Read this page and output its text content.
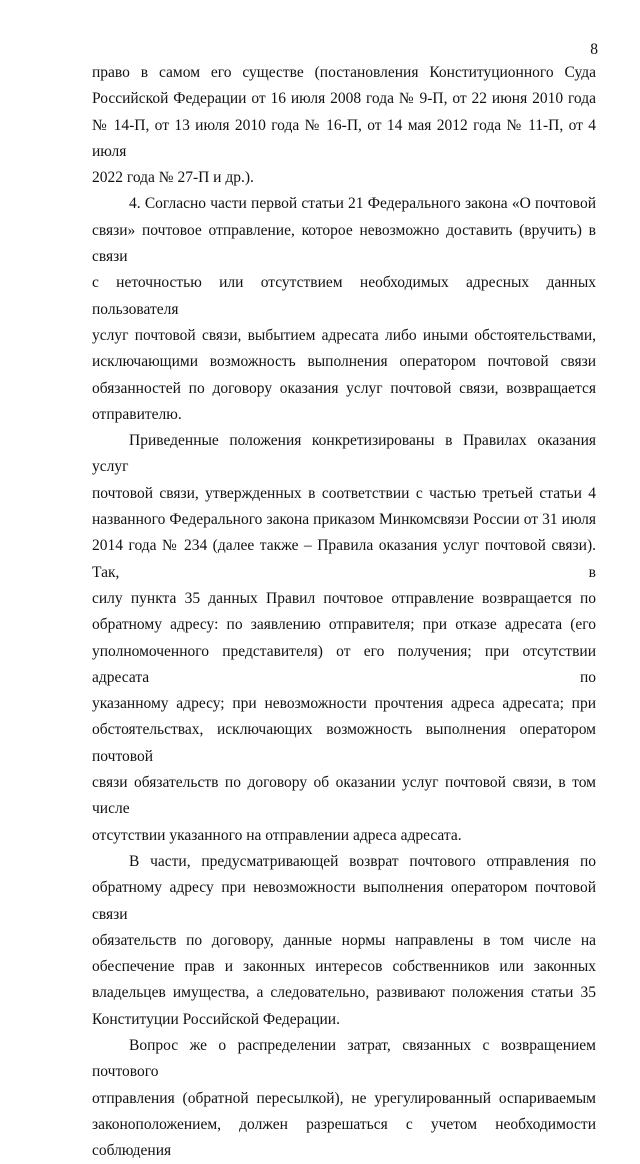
8

право в самом его существе (постановления Конституционного Суда

Российской Федерации от 16 июля 2008 года № 9-П, от 22 июня 2010 года

№ 14-П, от 13 июля 2010 года № 16-П, от 14 мая 2012 года № 11-П, от 4 июля

2022 года № 27-П и др.).

4. Согласно части первой статьи 21 Федерального закона «О почтовой

связи» почтовое отправление, которое невозможно доставить (вручить) в связи

с неточностью или отсутствием необходимых адресных данных пользователя

услуг почтовой связи, выбытием адресата либо иными обстоятельствами,

исключающими возможность выполнения оператором почтовой связи

обязанностей по договору оказания услуг почтовой связи, возвращается

отправителю.

Приведенные положения конкретизированы в Правилах оказания услуг

почтовой связи, утвержденных в соответствии с частью третьей статьи 4

названного Федерального закона приказом Минкомсвязи России от 31 июля

2014 года № 234 (далее также – Правила оказания услуг почтовой связи). Так, в

силу пункта 35 данных Правил почтовое отправление возвращается по

обратному адресу: по заявлению отправителя; при отказе адресата (его

уполномоченного представителя) от его получения; при отсутствии адресата по

указанному адресу; при невозможности прочтения адреса адресата; при

обстоятельствах, исключающих возможность выполнения оператором почтовой

связи обязательств по договору об оказании услуг почтовой связи, в том числе

отсутствии указанного на отправлении адреса адресата.

В части, предусматривающей возврат почтового отправления по

обратному адресу при невозможности выполнения оператором почтовой связи

обязательств по договору, данные нормы направлены в том числе на

обеспечение прав и законных интересов собственников или законных

владельцев имущества, а следовательно, развивают положения статьи 35

Конституции Российской Федерации.

Вопрос же о распределении затрат, связанных с возвращением почтового

отправления (обратной пересылкой), не урегулированный оспариваемым

законоположением, должен разрешаться с учетом необходимости соблюдения
